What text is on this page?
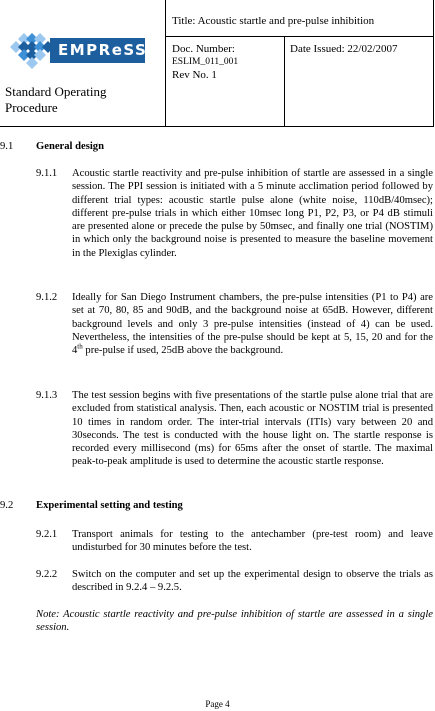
EMPReSS
Title: Acoustic startle and pre-pulse inhibition
Doc. Number:
ESLIM_011_001
Rev No. 1
Date Issued: 22/02/2007
Standard Operating
Procedure
9.1 General design
9.1.1 Acoustic startle reactivity and pre-pulse inhibition of startle are assessed in a single session. The PPI session is initiated with a 5 minute acclimation period followed by different trial types: acoustic startle pulse alone (white noise, 110dB/40msec); different pre-pulse trials in which either 10msec long P1, P2, P3, or P4 dB stimuli are presented alone or precede the pulse by 50msec, and finally one trial (NOSTIM) in which only the background noise is presented to measure the baseline movement in the Plexiglas cylinder.
9.1.2 Ideally for San Diego Instrument chambers, the pre-pulse intensities (P1 to P4) are set at 70, 80, 85 and 90dB, and the background noise at 65dB. However, different background levels and only 3 pre-pulse intensities (instead of 4) can be used. Nevertheless, the intensities of the pre-pulse should be kept at 5, 15, 20 and for the 4th pre-pulse if used, 25dB above the background.
9.1.3 The test session begins with five presentations of the startle pulse alone trial that are excluded from statistical analysis. Then, each acoustic or NOSTIM trial is presented 10 times in random order. The inter-trial intervals (ITIs) vary between 20 and 30seconds. The test is conducted with the house light on. The startle response is recorded every millisecond (ms) for 65ms after the onset of startle. The maximal peak-to-peak amplitude is used to determine the acoustic startle response.
9.2 Experimental setting and testing
9.2.1 Transport animals for testing to the antechamber (pre-test room) and leave undisturbed for 30 minutes before the test.
9.2.2 Switch on the computer and set up the experimental design to observe the trials as described in 9.2.4 – 9.2.5.
Note: Acoustic startle reactivity and pre-pulse inhibition of startle are assessed in a single session.
Page 4
